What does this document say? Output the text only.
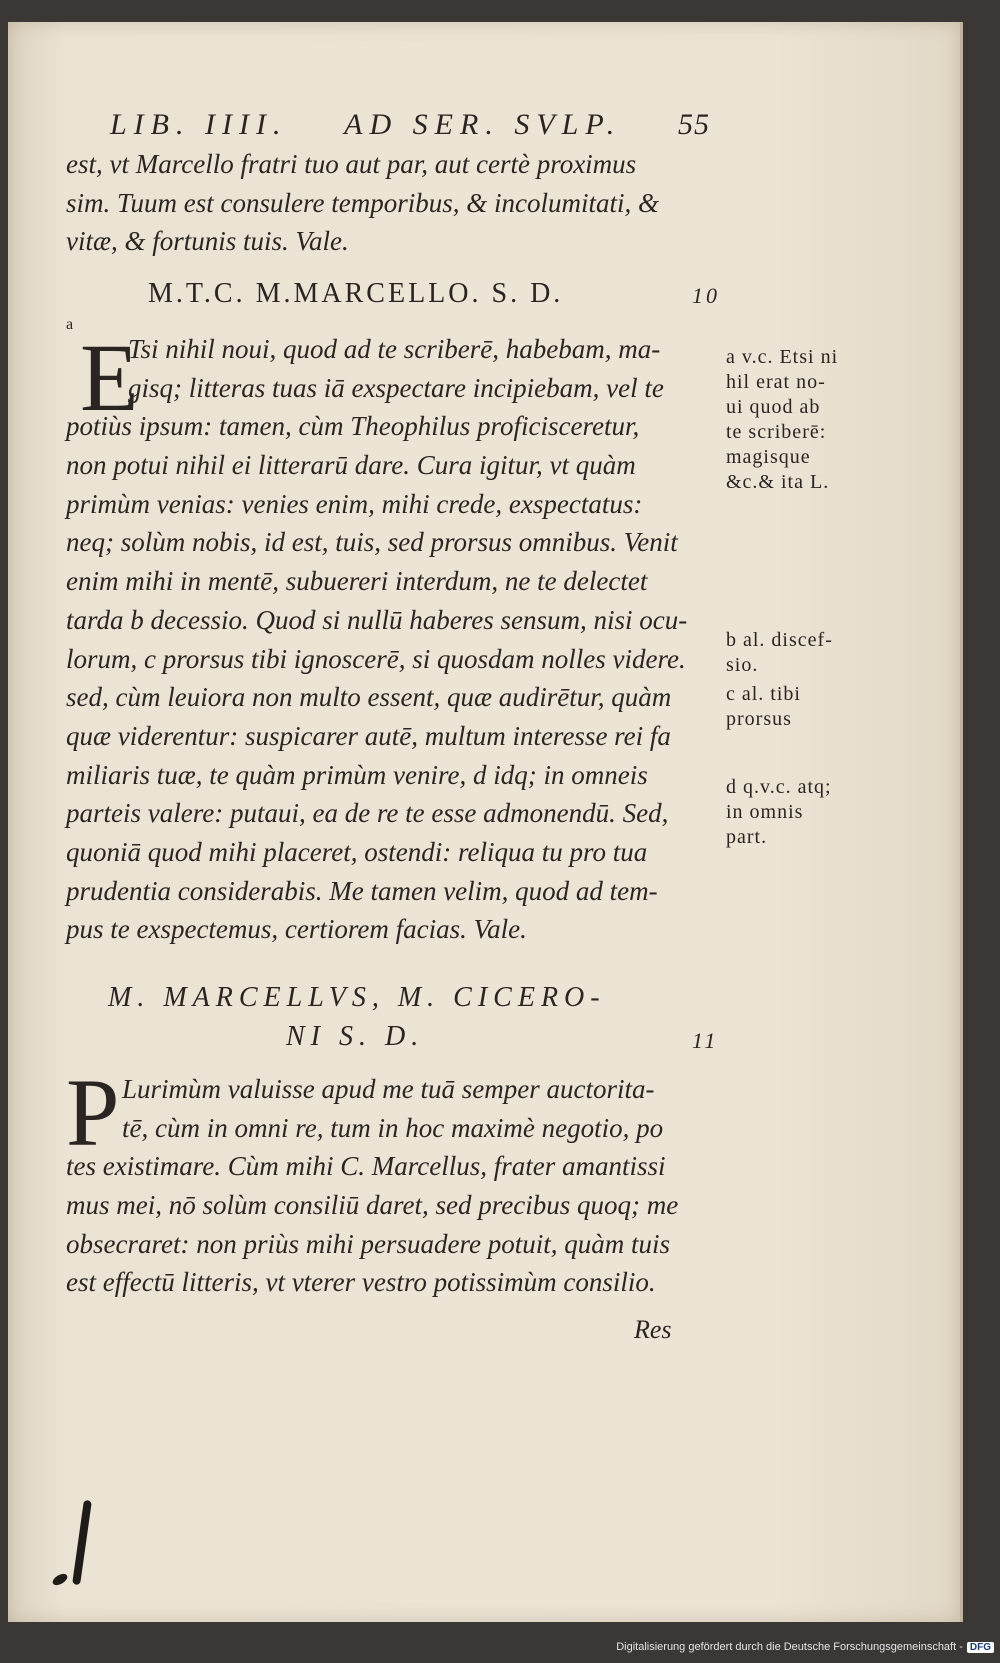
LIB. IIII. AD SER. SVLP. 55
est, vt Marcello fratri tuo aut par, aut certè proximus
sim. Tuum est consulere temporibus, & incolumitati, &
vitæ, & fortunis tuis. Vale.
M.T.C. M.MARCELLO. S. D.	10
a E
Tsi nihil noui, quod ad te scriberē, habebam, ma-
gisq; litteras tuas iā exspectare incipiebam, vel te
potiùs ipsum: tamen, cùm Theophilus proficisceretur,
non potui nihil ei litterarū dare. Cura igitur, vt quàm
primùm venias: venies enim, mihi crede, exspectatus:
neq; solùm nobis, id est, tuis, sed prorsus omnibus. Venit
enim mihi in mentē, subuereri interdum, ne te delectet
tarda b decessio. Quod si nullū haberes sensum, nisi ocu-
lorum, c prorsus tibi ignoscerē, si quosdam nolles videre.
sed, cùm leuiora non multo essent, quæ audirētur, quàm
quæ viderentur: suspicarer autē, multum interesse rei fa
miliaris tuæ, te quàm primùm venire, d idq; in omneis
parteis valere: putaui, ea de re te esse admonendū. Sed,
quoniā quod mihi placeret, ostendi: reliqua tu pro tua
prudentia considerabis. Me tamen velim, quod ad tem-
pus te exspectemus, certiorem facias. Vale.
a v.c. Etsi ni
hil erat no-
ui quod ab
te scriberē:
magisque
&c.& ita L.
b al. discef-
sio.
c al. tibi
prorsus
d q.v.c. atq;
in omnis
part.
M. MARCELLVS, M. CICERO-
NI S. D.	11
P Lurimùm valuisse apud me tuā semper auctorita-
tē, cùm in omni re, tum in hoc maximè negotio, po
tes existimare. Cùm mihi C. Marcellus, frater amantissi
mus mei, nō solùm consiliū daret, sed precibus quoq; me
obsecraret: non priùs mihi persuadere potuit, quàm tuis
est effectū litteris, vt vterer vestro potissimùm consilio.
Res
Digitalisierung gefördert durch die Deutsche Forschungsgemeinschaft - DFG
